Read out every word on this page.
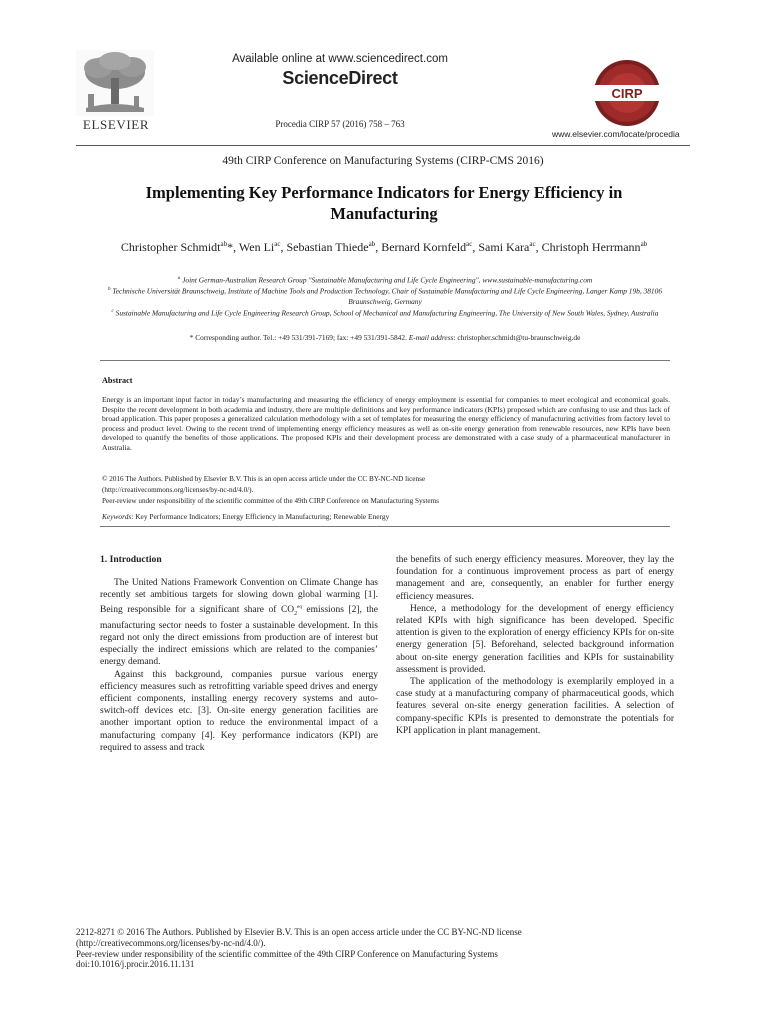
ELSEVIER
Available online at www.sciencedirect.com
ScienceDirect
Procedia CIRP 57 (2016) 758 – 763
CIRP
www.elsevier.com/locate/procedia
49th CIRP Conference on Manufacturing Systems (CIRP-CMS 2016)
Implementing Key Performance Indicators for Energy Efficiency in Manufacturing
Christopher Schmidt$^{ab}$*, Wen $Li^{ac}$, Sebastian Thiede$^{ab}$, Bernard Kornfeld$^{ac}$, Sami Kara$^{ac}$, Christoph Herrmann$^{ab}$
$^a$ Joint German-Australian Research Group "Sustainable Manufacturing and Life Cycle Engineering", www.sustainable-manufacturing.com
$^b$ Technische Universität Braunschweig, Institute of Machine Tools and Production Technology, Chair of Sustainable Manufacturing and Life Cycle Engineering, Langer Kamp 19b, 38106 Braunschweig, Germany
$^c$ Sustainable Manufacturing and Life Cycle Engineering Research Group, School of Mechanical and Manufacturing Engineering, The University of New South Wales, Sydney, Australia
* Corresponding author. Tel.: +49 531/391-7169; fax: +49 531/391-5842. E-mail address: christopher.schmidt@tu-braunschweig.de
Abstract
Energy is an important input factor in today’s manufacturing and measuring the efficiency of energy employment is essential for companies to meet ecological and economical goals. Despite the recent development in both academia and industry, there are multiple definitions and key performance indicators (KPIs) proposed which are confusing to use and thus lack of broad application. This paper proposes a generalized calculation methodology with a set of templates for measuring the energy efficiency of manufacturing activities from factory level to process and product level. Owing to the recent trend of implementing energy efficiency measures as well as on-site energy generation from renewable resources, new KPIs have been developed to quantify the benefits of those applications. The proposed KPIs and their development process are demonstrated with a case study of a pharmaceutical manufacturer in Australia.
© 2016 The Authors. Published by Elsevier B.V. This is an open access article under the CC BY-NC-ND license
(http://creativecommons.org/licenses/by-nc-nd/4.0/).
Peer-review under responsibility of the scientific committee of the 49th CIRP Conference on Manufacturing Systems
Keywords: Key Performance Indicators; Energy Efficiency in Manufacturing; Renewable Energy
1. Introduction

The United Nations Framework Convention on Climate Change has recently set ambitious targets for slowing down global warming [1]. Being responsible for a significant share of $CO_2^{eq}$ emissions [2], the manufacturing sector needs to foster a sustainable development. In this regard not only the direct emissions from production are of interest but especially the indirect emissions which are related to the companies’ energy demand.

Against this background, companies pursue various energy efficiency measures such as retrofitting variable speed drives and energy efficient components, installing energy recovery systems and auto-switch-off devices etc. [3]. On-site energy generation facilities are another important option to reduce the environmental impact of a manufacturing company [4]. Key performance indicators (KPI) are required to assess and track

the benefits of such energy efficiency measures. Moreover, they lay the foundation for a continuous improvement process as part of energy management and are, consequently, an enabler for further energy efficiency measures.

Hence, a methodology for the development of energy efficiency related KPIs with high significance has been developed. Specific attention is given to the exploration of energy efficiency KPIs for on-site energy generation [5]. Beforehand, selected background information about on-site energy generation facilities and KPIs for sustainability assessment is provided.

The application of the methodology is exemplarily employed in a case study at a manufacturing company of pharmaceutical goods, which features several on-site energy generation facilities. A selection of company-specific KPIs is presented to demonstrate the potentials for KPI application in plant management.

2212-8271 © 2016 The Authors. Published by Elsevier B.V. This is an open access article under the CC BY-NC-ND license
(http://creativecommons.org/licenses/by-nc-nd/4.0/).
Peer-review under responsibility of the scientific committee of the 49th CIRP Conference on Manufacturing Systems
doi:10.1016/j.procir.2016.11.131
